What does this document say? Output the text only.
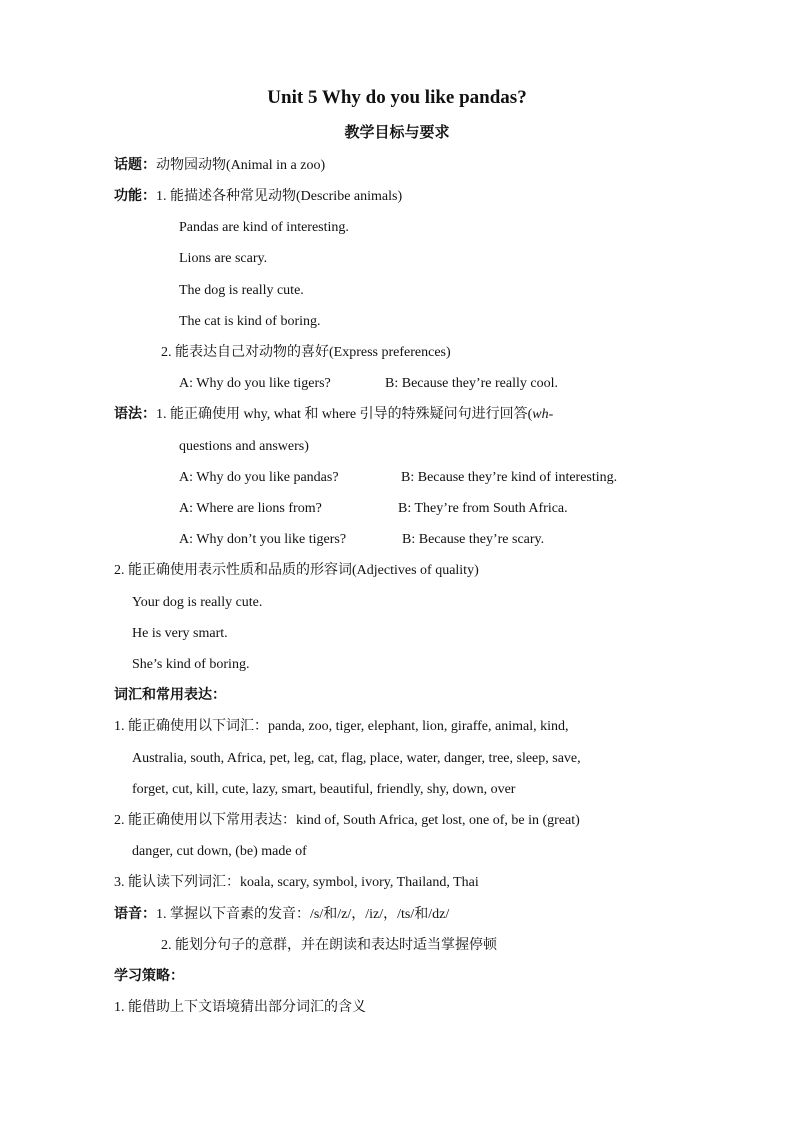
Unit 5 Why do you like pandas?
教学目标与要求
话题：动物园动物(Animal in a zoo)
功能：1. 能描述各种常见动物(Describe animals)
Pandas are kind of interesting.
Lions are scary.
The dog is really cute.
The cat is kind of boring.
2. 能表达自己对动物的喜好(Express preferences)
A: Why do you like tigers?	B: Because they’re really cool.
语法：1. 能正确使用 why, what 和 where 引导的特殊疑问句进行回答(wh-
questions and answers)
A: Why do you like pandas?	B: Because they’re kind of interesting.
A: Where are lions from?	B: They’re from South Africa.
A: Why don’t you like tigers?	B: Because they’re scary.
2. 能正确使用表示性质和品质的形容词(Adjectives of quality)
Your dog is really cute.
He is very smart.
She’s kind of boring.
词汇和常用表达：
1. 能正确使用以下词汇：panda, zoo, tiger, elephant, lion, giraffe, animal, kind,
Australia, south, Africa, pet, leg, cat, flag, place, water, danger, tree, sleep, save,
forget, cut, kill, cute, lazy, smart, beautiful, friendly, shy, down, over
2. 能正确使用以下常用表达：kind of, South Africa, get lost, one of, be in (great)
danger, cut down, (be) made of
3. 能认读下列词汇：koala, scary, symbol, ivory, Thailand, Thai
语音：1. 掌握以下音素的发音：/s/和/z/，/iz/，/ts/和/dz/
2. 能划分句子的意群，并在朗读和表达时适当掌握停顿
学习策略：
1. 能借助上下文语境猜出部分词汇的含义
